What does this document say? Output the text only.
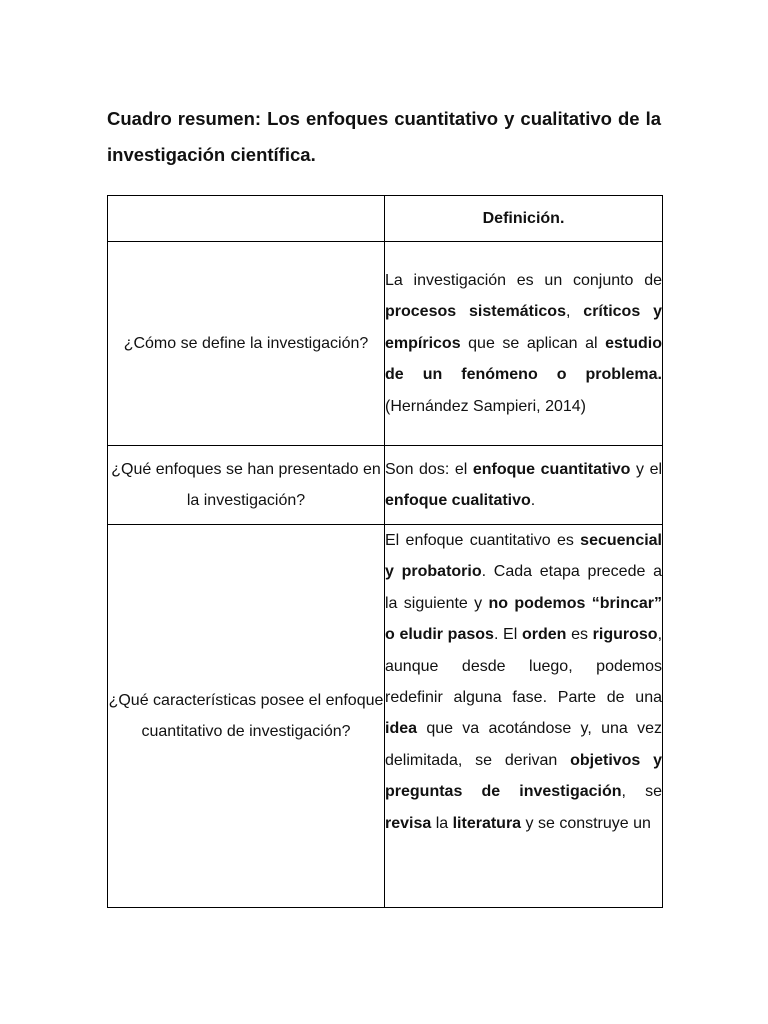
Cuadro resumen: Los enfoques cuantitativo y cualitativo de la investigación científica.
	Definición.
¿Cómo se define la investigación?	La investigación es un conjunto de procesos sistemáticos, críticos y empíricos que se aplican al estudio de un fenómeno o problema. (Hernández Sampieri, 2014)
¿Qué enfoques se han presentado en la investigación?	Son dos: el enfoque cuantitativo y el enfoque cualitativo.
¿Qué características posee el enfoque cuantitativo de investigación?	El enfoque cuantitativo es secuencial y probatorio. Cada etapa precede a la siguiente y no podemos “brincar” o eludir pasos. El orden es riguroso, aunque desde luego, podemos redefinir alguna fase. Parte de una idea que va acotándose y, una vez delimitada, se derivan objetivos y preguntas de investigación, se revisa la literatura y se construye un
